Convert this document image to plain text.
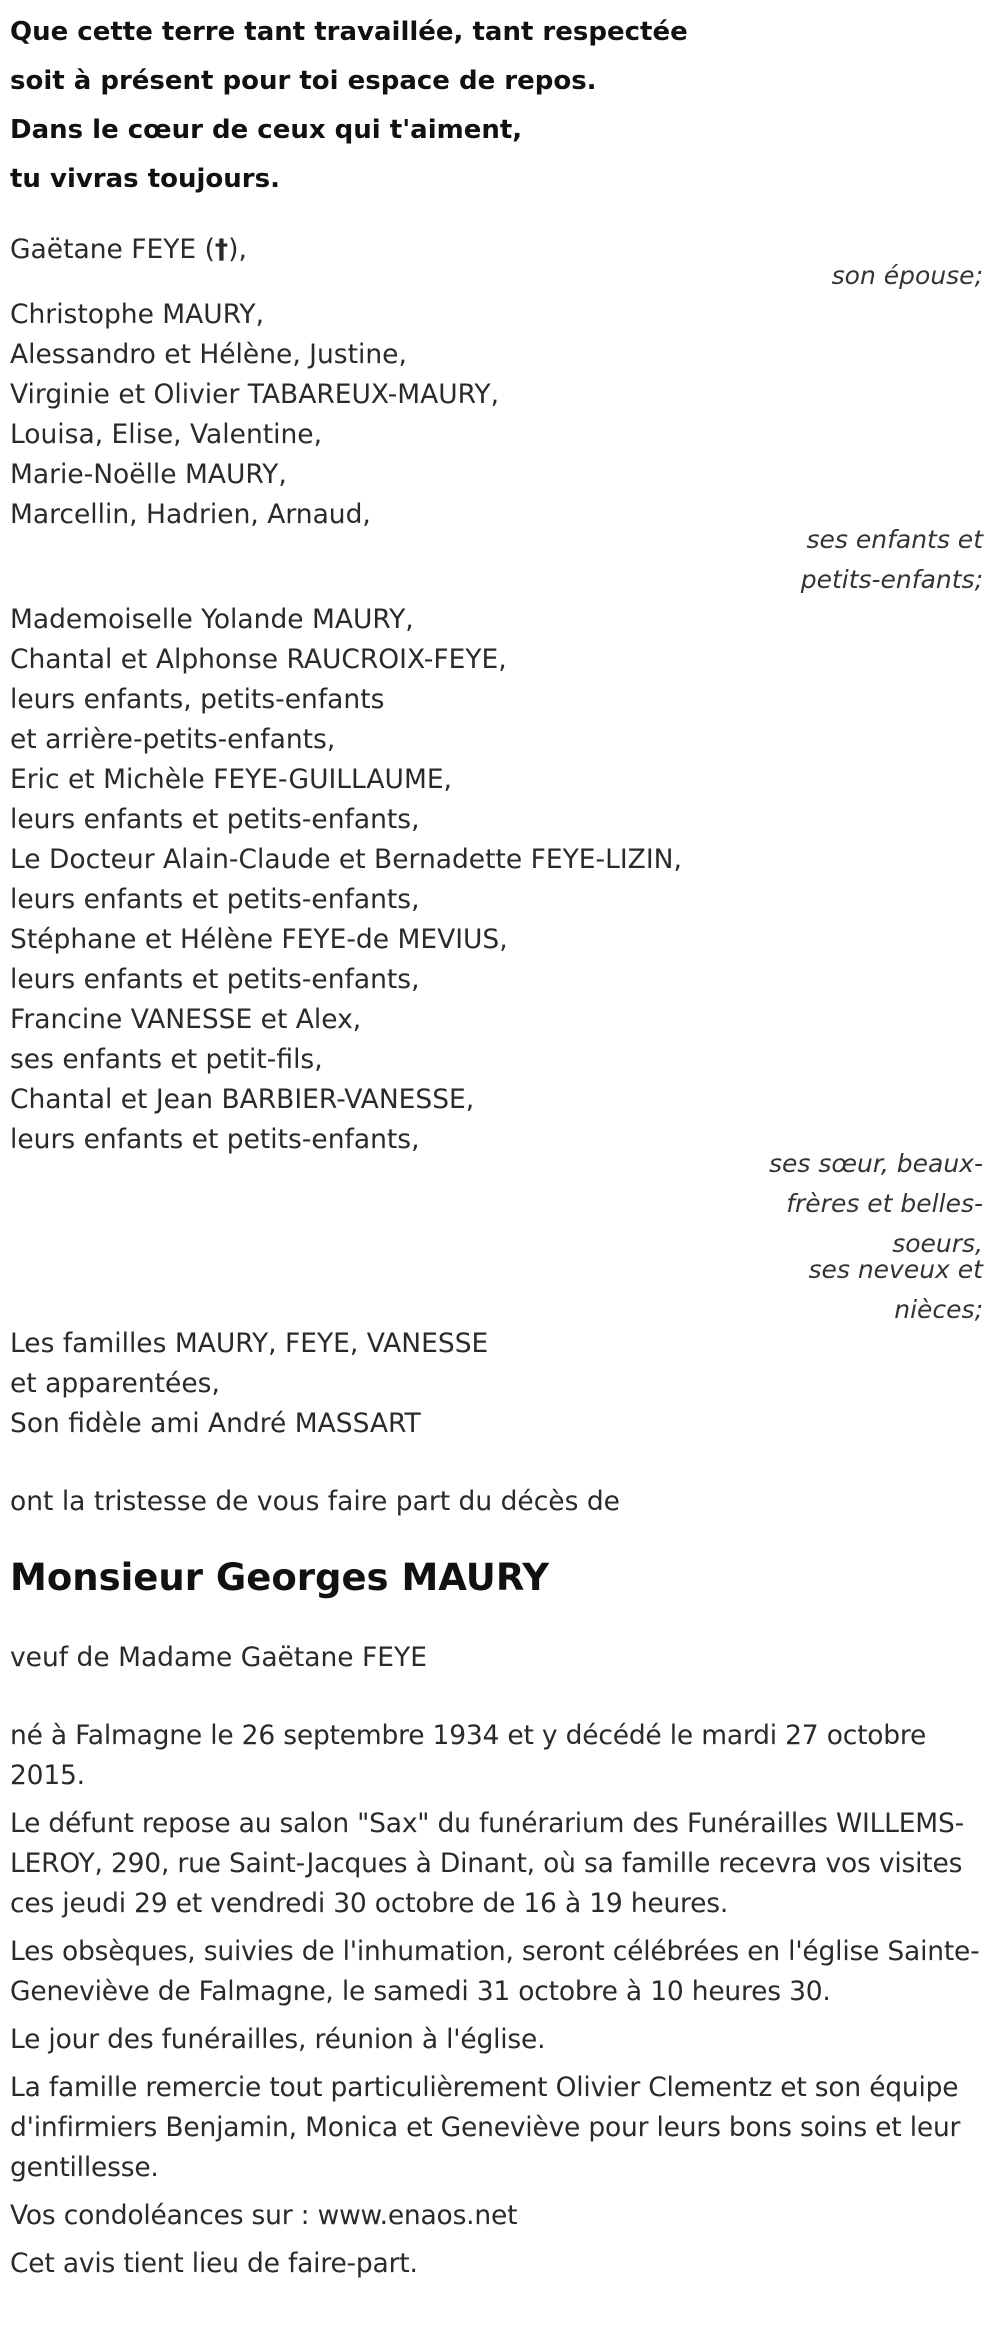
Que cette terre tant travaillée, tant respectée
soit à présent pour toi espace de repos.
Dans le cœur de ceux qui t'aiment,
tu vivras toujours.
Gaëtane FEYE (†),
son épouse;
Christophe MAURY,
Alessandro et Hélène, Justine,
Virginie et Olivier TABAREUX-MAURY,
Louisa, Elise, Valentine,
Marie-Noëlle MAURY,
Marcellin, Hadrien, Arnaud,
ses enfants et
petits-enfants;
Mademoiselle Yolande MAURY,
Chantal et Alphonse RAUCROIX-FEYE,
leurs enfants, petits-enfants
et arrière-petits-enfants,
Eric et Michèle FEYE-GUILLAUME,
leurs enfants et petits-enfants,
Le Docteur Alain-Claude et Bernadette FEYE-LIZIN,
leurs enfants et petits-enfants,
Stéphane et Hélène FEYE-de MEVIUS,
leurs enfants et petits-enfants,
Francine VANESSE et Alex,
ses enfants et petit-fils,
Chantal et Jean BARBIER-VANESSE,
leurs enfants et petits-enfants,
ses sœur, beaux-
frères et belles-
soeurs,
ses neveux et
nièces;
Les familles MAURY, FEYE, VANESSE
et apparentées,
Son fidèle ami André MASSART
ont la tristesse de vous faire part du décès de
Monsieur Georges MAURY
veuf de Madame Gaëtane FEYE
né à Falmagne le 26 septembre 1934 et y décédé le mardi 27 octobre 2015.
Le défunt repose au salon "Sax" du funérarium des Funérailles WILLEMS-LEROY, 290, rue Saint-Jacques à Dinant, où sa famille recevra vos visites ces jeudi 29 et vendredi 30 octobre de 16 à 19 heures.
Les obsèques, suivies de l'inhumation, seront célébrées en l'église Sainte-Geneviève de Falmagne, le samedi 31 octobre à 10 heures 30.
Le jour des funérailles, réunion à l'église.
La famille remercie tout particulièrement Olivier Clementz et son équipe d'infirmiers Benjamin, Monica et Geneviève pour leurs bons soins et leur gentillesse.
Vos condoléances sur : www.enaos.net
Cet avis tient lieu de faire-part.
